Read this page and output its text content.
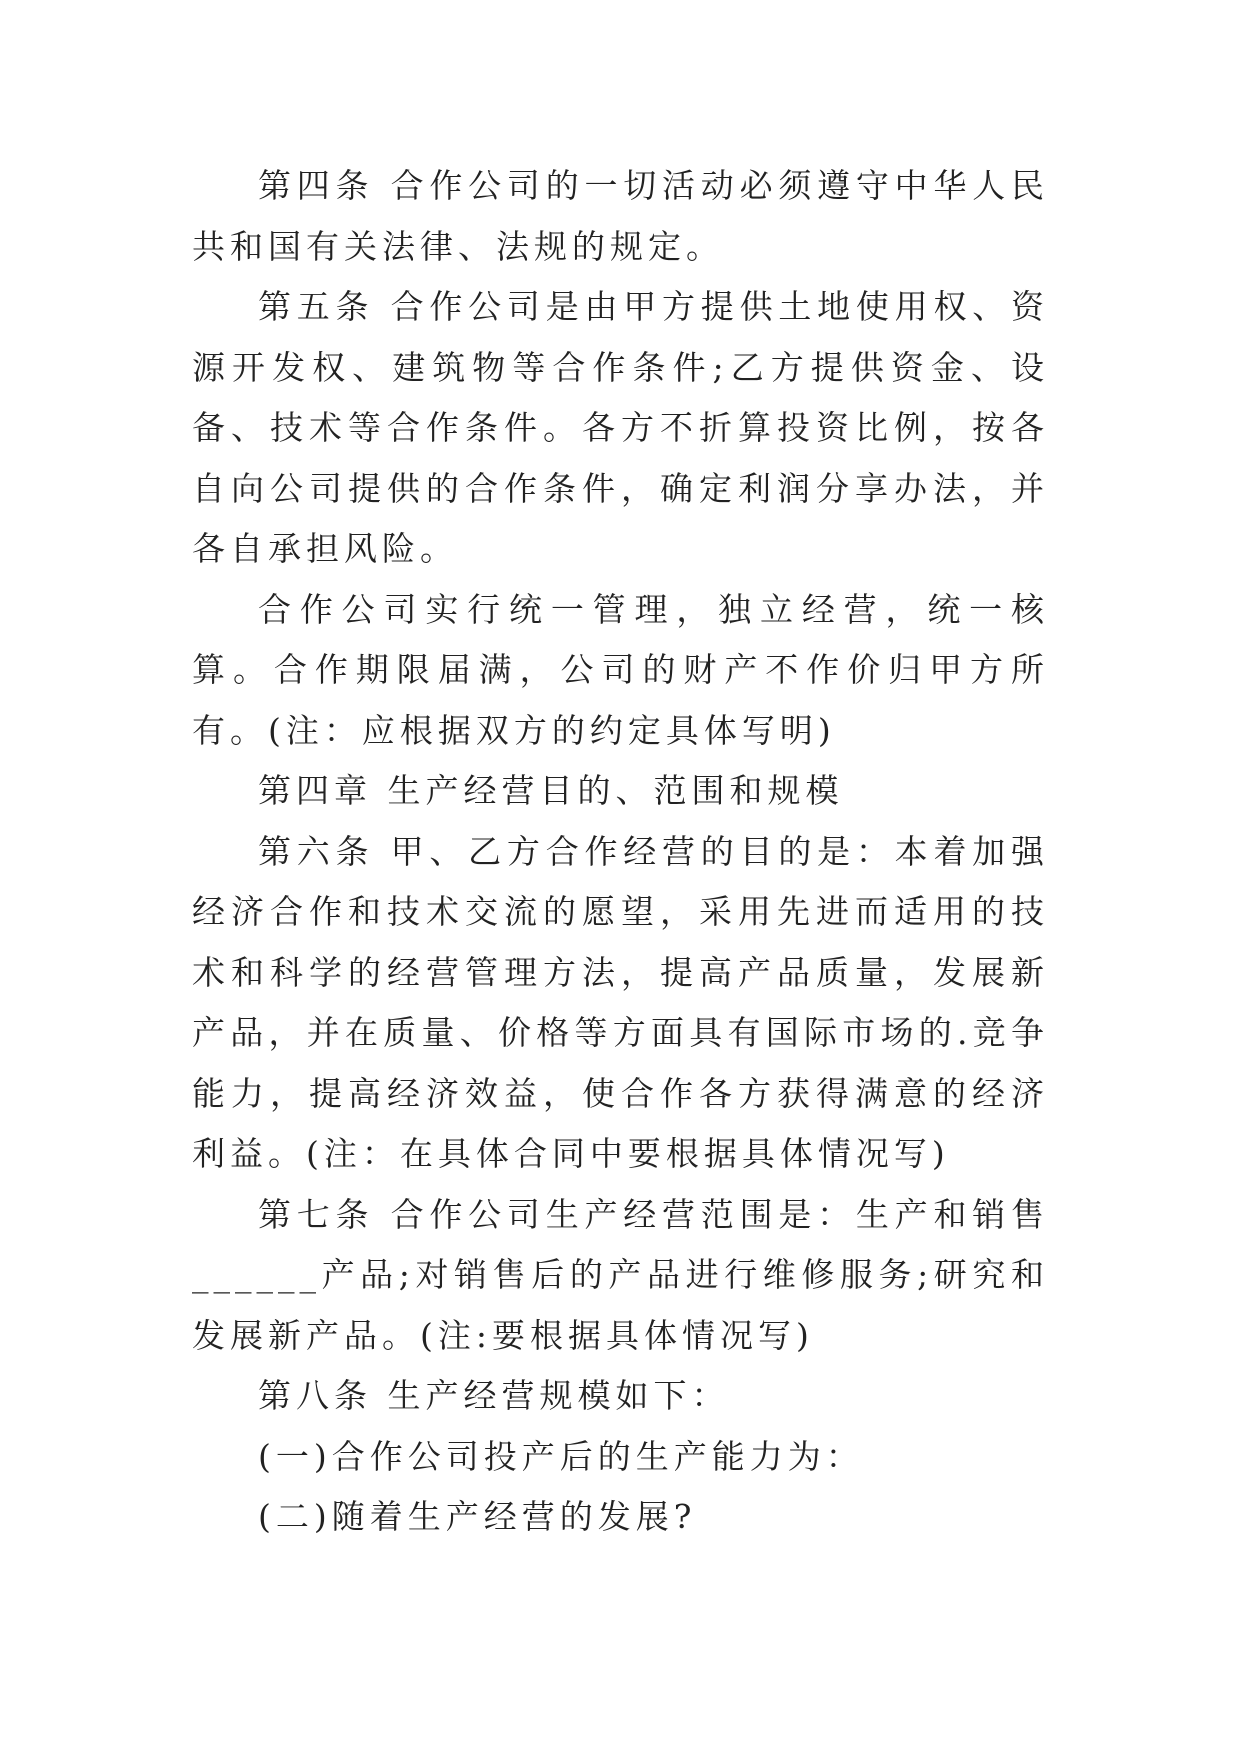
第四条 合作公司的一切活动必须遵守中华人民共和国有关法律、法规的规定。

第五条 合作公司是由甲方提供土地使用权、资源开发权、建筑物等合作条件;乙方提供资金、设备、技术等合作条件。各方不折算投资比例，按各自向公司提供的合作条件，确定利润分享办法，并各自承担风险。

合作公司实行统一管理，独立经营，统一核算。合作期限届满，公司的财产不作价归甲方所有。(注：应根据双方的约定具体写明)

第四章 生产经营目的、范围和规模

第六条 甲、乙方合作经营的目的是：本着加强经济合作和技术交流的愿望，采用先进而适用的技术和科学的经营管理方法，提高产品质量，发展新产品，并在质量、价格等方面具有国际市场的.竞争能力，提高经济效益，使合作各方获得满意的经济利益。(注：在具体合同中要根据具体情况写)

第七条 合作公司生产经营范围是：生产和销售______产品;对销售后的产品进行维修服务;研究和发展新产品。(注:要根据具体情况写)

第八条 生产经营规模如下：

(一)合作公司投产后的生产能力为：

(二)随着生产经营的发展?
